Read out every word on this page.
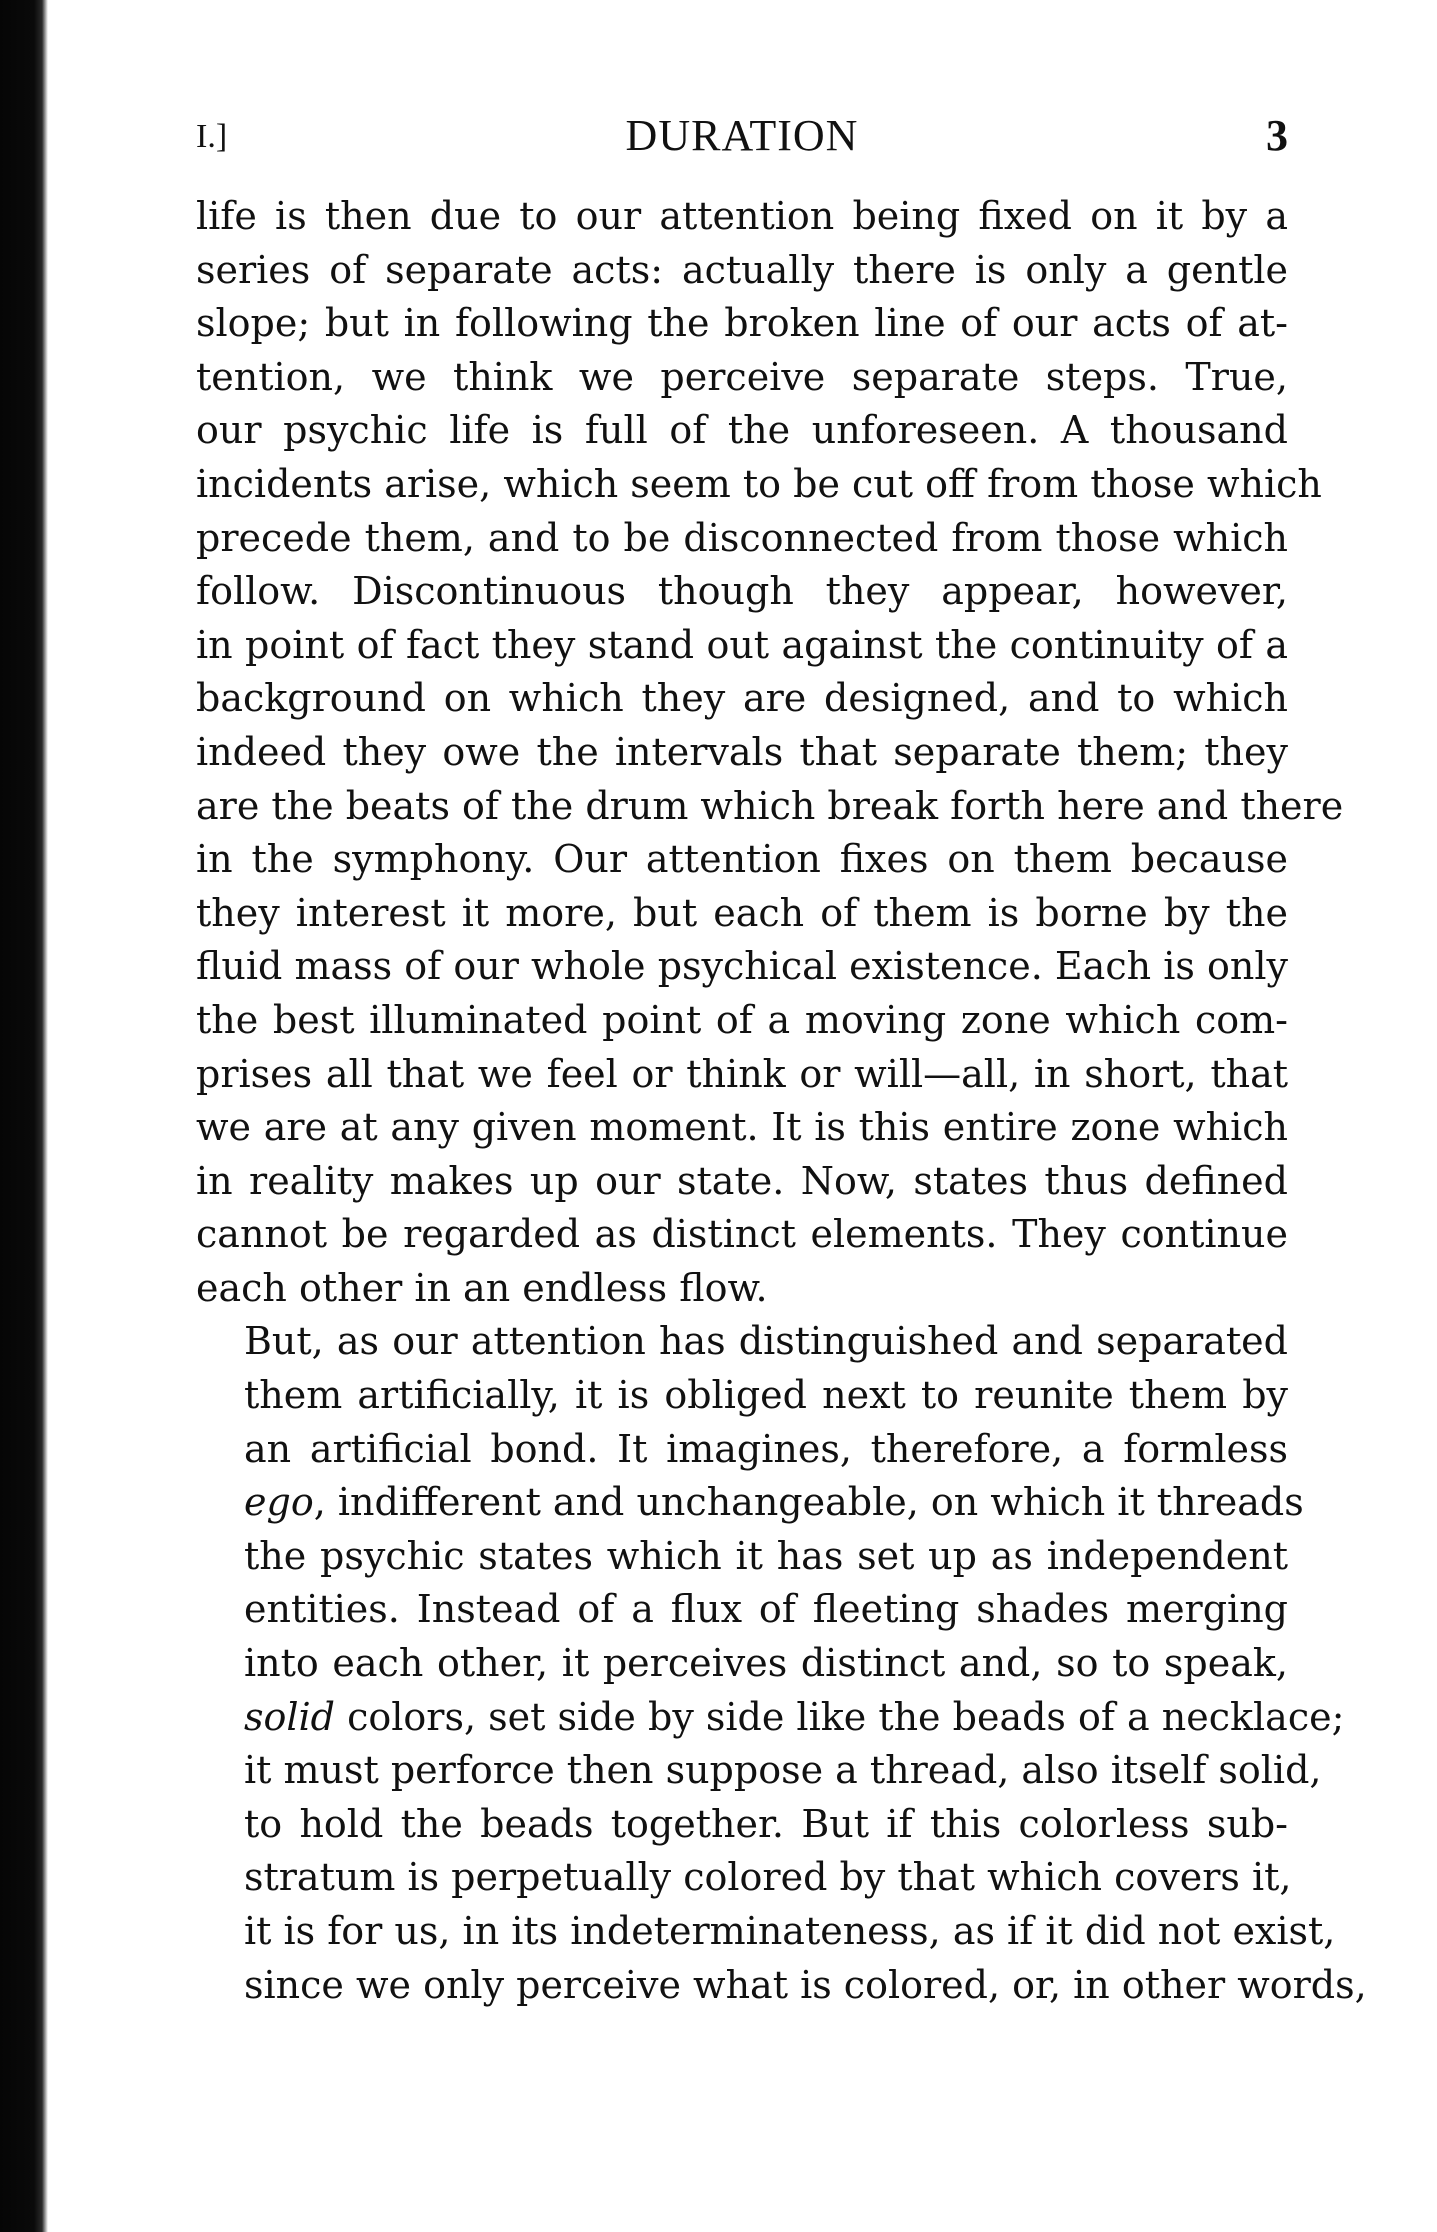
I.]	DURATION	3

life is then due to our attention being fixed on it by a
series of separate acts: actually there is only a gentle
slope; but in following the broken line of our acts of at-
tention, we think we perceive separate steps. True,
our psychic life is full of the unforeseen. A thousand
incidents arise, which seem to be cut off from those which
precede them, and to be disconnected from those which
follow. Discontinuous though they appear, however,
in point of fact they stand out against the continuity of a
background on which they are designed, and to which
indeed they owe the intervals that separate them; they
are the beats of the drum which break forth here and there
in the symphony. Our attention fixes on them because
they interest it more, but each of them is borne by the
fluid mass of our whole psychical existence. Each is only
the best illuminated point of a moving zone which com-
prises all that we feel or think or will—all, in short, that
we are at any given moment. It is this entire zone which
in reality makes up our state. Now, states thus defined
cannot be regarded as distinct elements. They continue
each other in an endless flow.

But, as our attention has distinguished and separated
them artificially, it is obliged next to reunite them by
an artificial bond. It imagines, therefore, a formless
ego, indifferent and unchangeable, on which it threads
the psychic states which it has set up as independent
entities. Instead of a flux of fleeting shades merging
into each other, it perceives distinct and, so to speak,
solid colors, set side by side like the beads of a necklace;
it must perforce then suppose a thread, also itself solid,
to hold the beads together. But if this colorless sub-
stratum is perpetually colored by that which covers it,
it is for us, in its indeterminateness, as if it did not exist,
since we only perceive what is colored, or, in other words,
